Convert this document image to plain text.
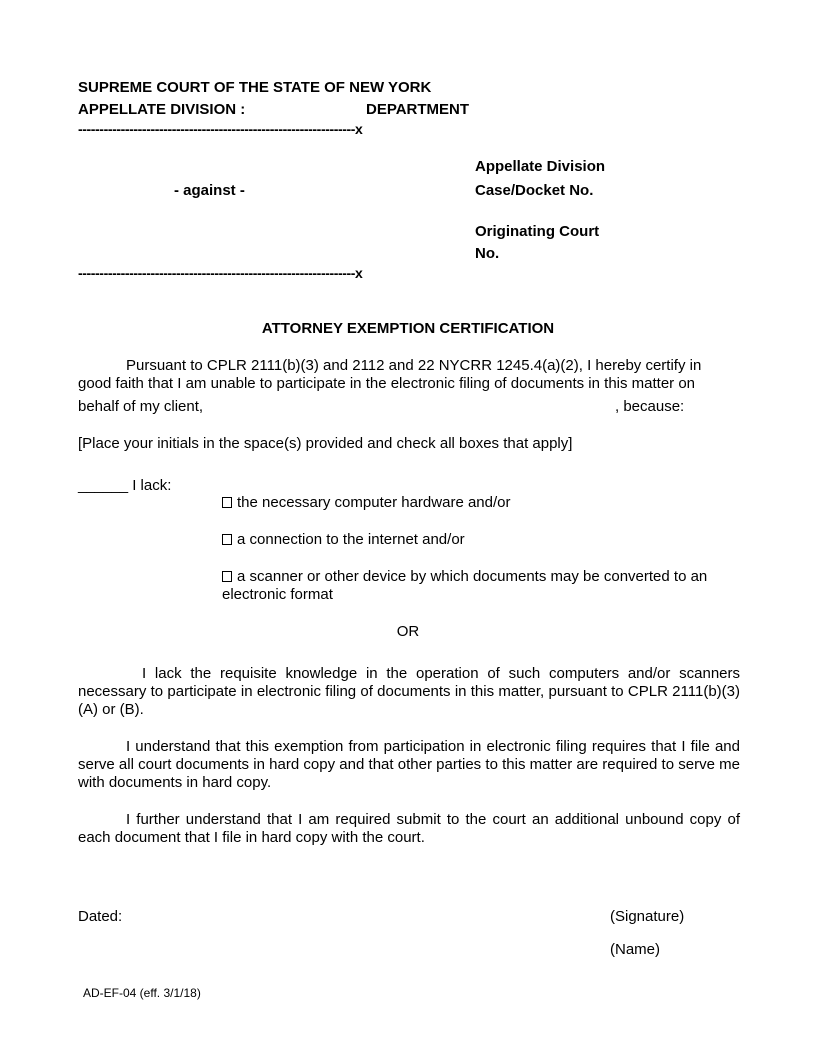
SUPREME COURT OF THE STATE OF NEW YORK
APPELLATE DIVISION :	DEPARTMENT
-----------------------------------------------------------------x
- against -
Appellate Division
Case/Docket No.
Originating Court
No.
-----------------------------------------------------------------x
ATTORNEY EXEMPTION CERTIFICATION
Pursuant to CPLR 2111(b)(3) and 2112 and 22 NYCRR 1245.4(a)(2), I hereby certify in
good faith that I am unable to participate in the electronic filing of documents in this matter on
behalf of my client,	, because:
[Place your initials in the space(s) provided and check all boxes that apply]
______ I lack:
the necessary computer hardware and/or
a connection to the internet and/or
a scanner or other device by which documents may be converted to an
electronic format
OR
I lack the requisite knowledge in the operation of such computers and/or scanners necessary to participate in electronic filing of documents in this matter, pursuant to CPLR 2111(b)(3)(A) or (B).
I understand that this exemption from participation in electronic filing requires that I file and serve all court documents in hard copy and that other parties to this matter are required to serve me with documents in hard copy.
I further understand that I am required submit to the court an additional unbound copy of each document that I file in hard copy with the court.
Dated:	(Signature)
(Name)
AD-EF-04 (eff. 3/1/18)
